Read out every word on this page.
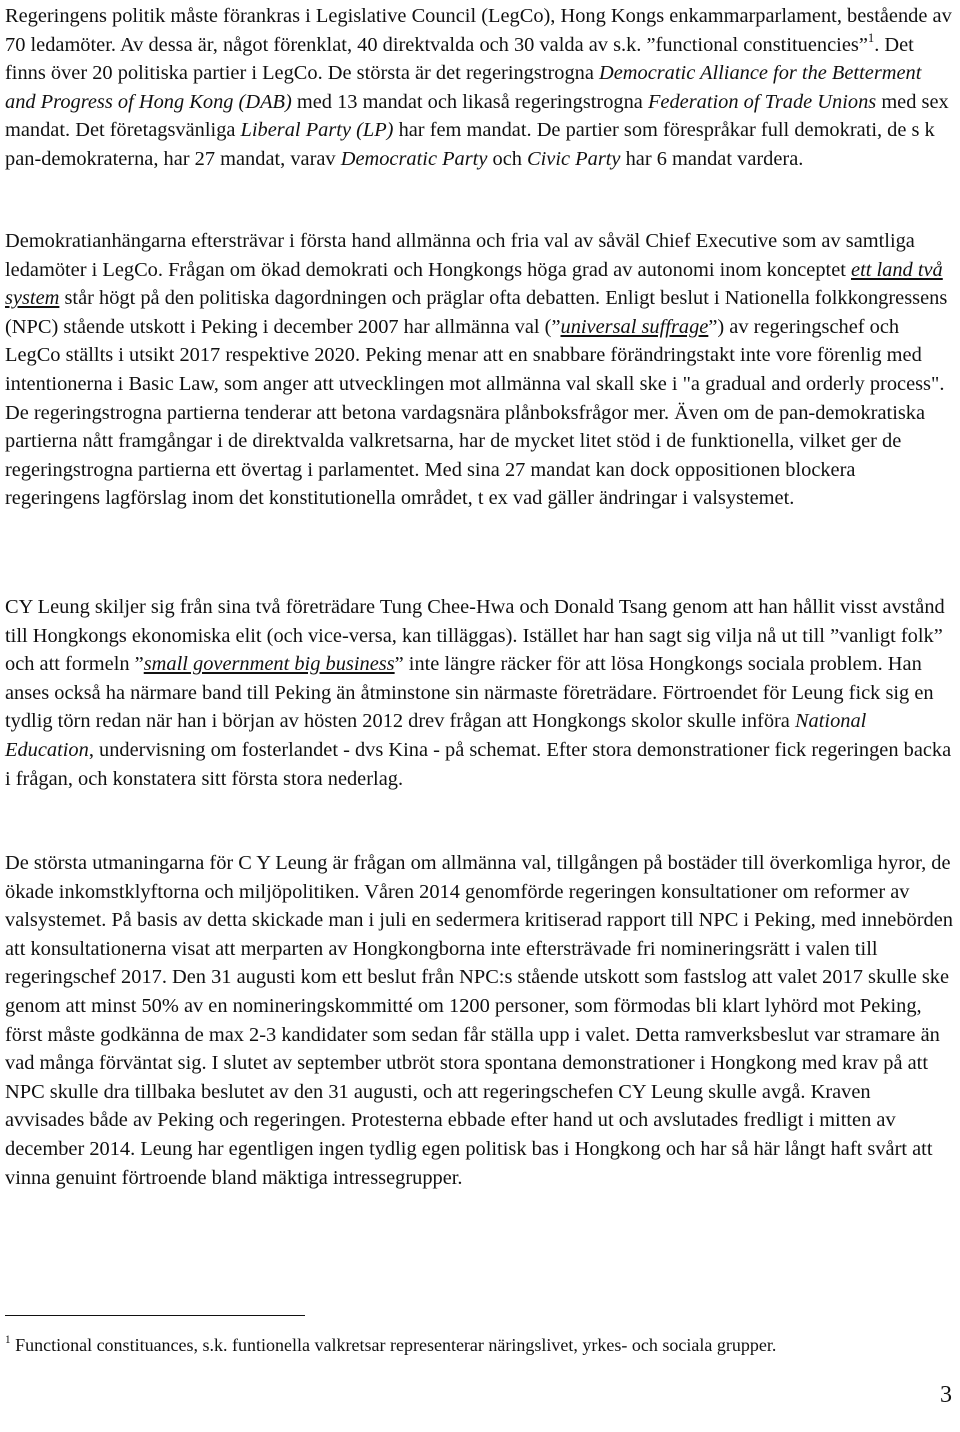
Regeringens politik måste förankras i Legislative Council (LegCo), Hong Kongs enkammarparlament, bestående av 70 ledamöter. Av dessa är, något förenklat, 40 direktvalda och 30 valda av s.k. ”functional constituencies”$^1$. Det finns över 20 politiska partier i LegCo. De största är det regeringstrogna Democratic Alliance for the Betterment and Progress of Hong Kong (DAB) med 13 mandat och likaså regeringstrogna Federation of Trade Unions med sex mandat. Det företagsvänliga Liberal Party (LP) har fem mandat. De partier som förespråkar full demokrati, de s k pan-demokraterna, har 27 mandat, varav Democratic Party och Civic Party har 6 mandat vardera.

Demokratianhängarna eftersträvar i första hand allmänna och fria val av såväl Chief Executive som av samtliga ledamöter i LegCo. Frågan om ökad demokrati och Hongkongs höga grad av autonomi inom konceptet ett land två system står högt på den politiska dagordningen och präglar ofta debatten. Enligt beslut i Nationella folkkongressens (NPC) stående utskott i Peking i december 2007 har allmänna val (”universal suffrage”) av regeringschef och LegCo ställts i utsikt 2017 respektive 2020. Peking menar att en snabbare förändringstakt inte vore förenlig med intentionerna i Basic Law, som anger att utvecklingen mot allmänna val skall ske i "a gradual and orderly process". De regeringstrogna partierna tenderar att betona vardagsnära plånboksfrågor mer. Även om de pan-demokratiska partierna nått framgångar i de direktvalda valkretsarna, har de mycket litet stöd i de funktionella, vilket ger de regeringstrogna partierna ett övertag i parlamentet. Med sina 27 mandat kan dock oppositionen blockera regeringens lagförslag inom det konstitutionella området, t ex vad gäller ändringar i valsystemet.

CY Leung skiljer sig från sina två företrädare Tung Chee-Hwa och Donald Tsang genom att han hållit visst avstånd till Hongkongs ekonomiska elit (och vice-versa, kan tilläggas). Istället har han sagt sig vilja nå ut till ”vanligt folk” och att formeln ”small government big business” inte längre räcker för att lösa Hongkongs sociala problem. Han anses också ha närmare band till Peking än åtminstone sin närmaste företrädare. Förtroendet för Leung fick sig en tydlig törn redan när han i början av hösten 2012 drev frågan att Hongkongs skolor skulle införa National Education, undervisning om fosterlandet - dvs Kina - på schemat. Efter stora demonstrationer fick regeringen backa i frågan, och konstatera sitt första stora nederlag.

De största utmaningarna för C Y Leung är frågan om allmänna val, tillgången på bostäder till överkomliga hyror, de ökade inkomstklyftorna och miljöpolitiken. Våren 2014 genomförde regeringen konsultationer om reformer av valsystemet. På basis av detta skickade man i juli en sedermera kritiserad rapport till NPC i Peking, med innebörden att konsultationerna visat att merparten av Hongkongborna inte eftersträvade fri nomineringsrätt i valen till regeringschef 2017. Den 31 augusti kom ett beslut från NPC:s stående utskott som fastslog att valet 2017 skulle ske genom att minst 50% av en nomineringskommitté om 1200 personer, som förmodas bli klart lyhörd mot Peking, först måste godkänna de max 2-3 kandidater som sedan får ställa upp i valet. Detta ramverksbeslut var stramare än vad många förväntat sig. I slutet av september utbröt stora spontana demonstrationer i Hongkong med krav på att NPC skulle dra tillbaka beslutet av den 31 augusti, och att regeringschefen CY Leung skulle avgå. Kraven avvisades både av Peking och regeringen. Protesterna ebbade efter hand ut och avslutades fredligt i mitten av december 2014. Leung har egentligen ingen tydlig egen politisk bas i Hongkong och har så här långt haft svårt att vinna genuint förtroende bland mäktiga intressegrupper.

$^1$ Functional constituances, s.k. funtionella valkretsar representerar näringslivet, yrkes- och sociala grupper.

3
